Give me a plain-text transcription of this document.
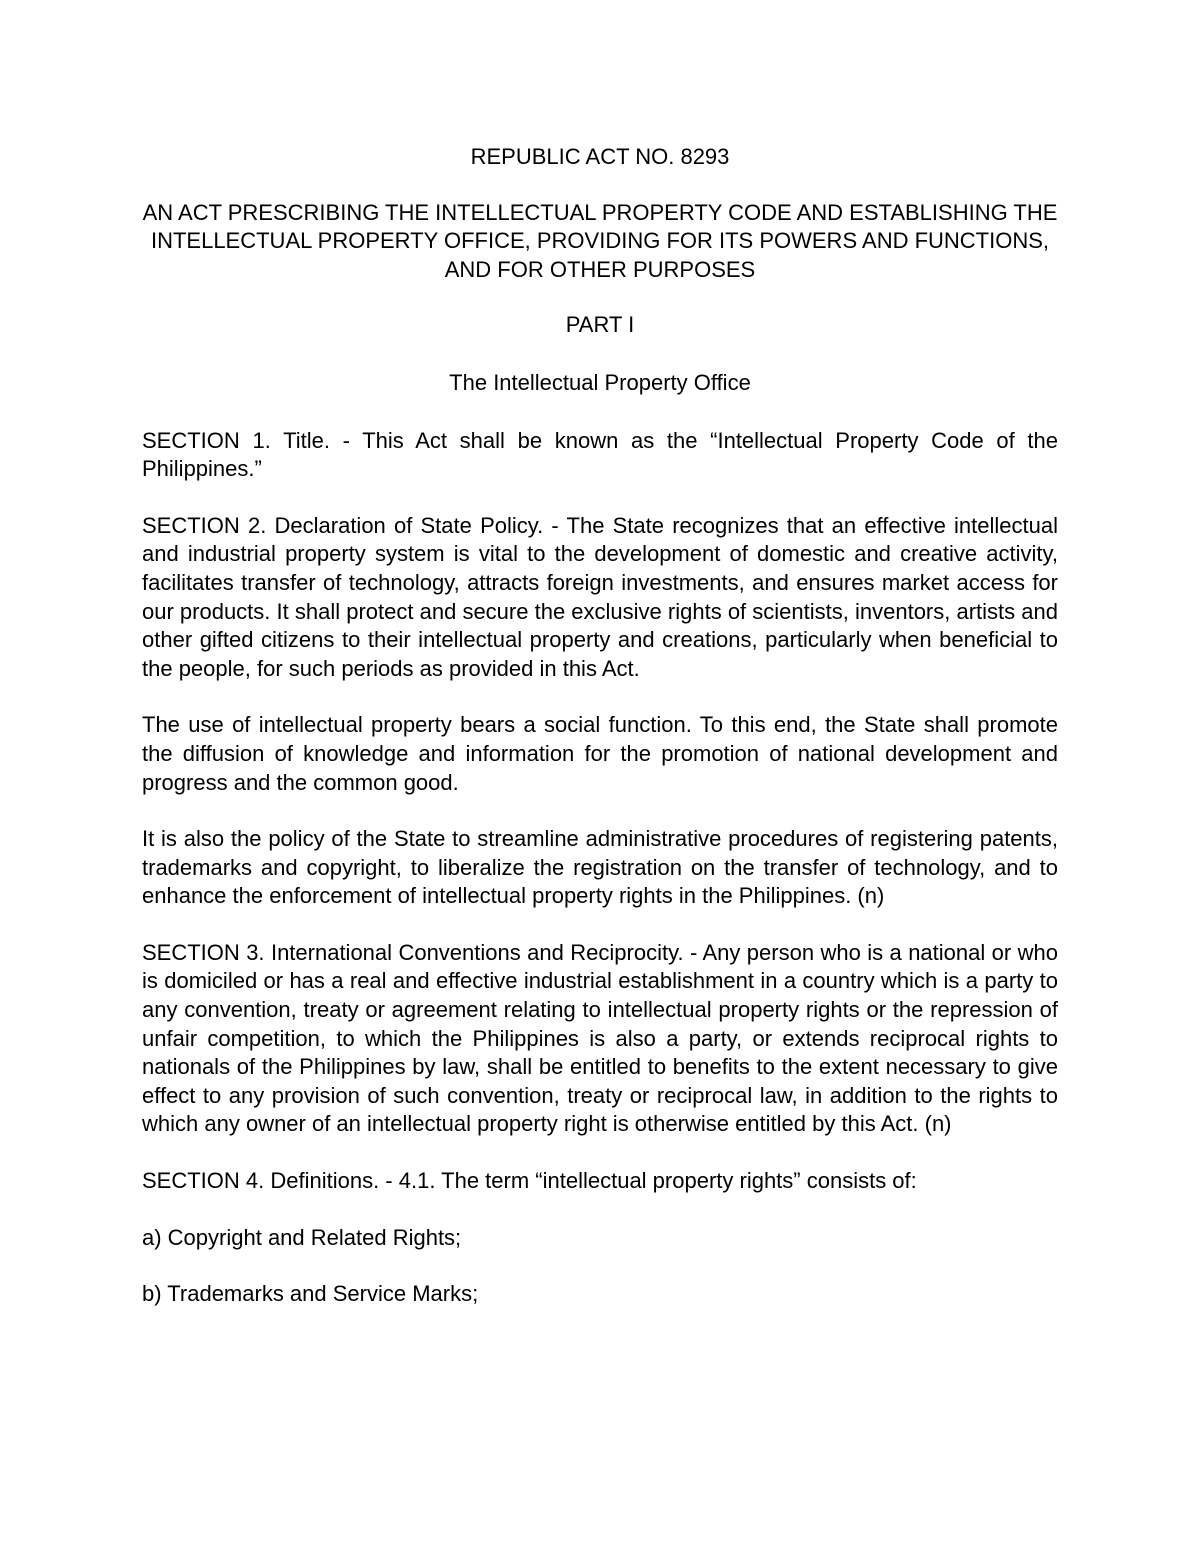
REPUBLIC ACT NO. 8293

AN ACT PRESCRIBING THE INTELLECTUAL PROPERTY CODE AND ESTABLISHING THE INTELLECTUAL PROPERTY OFFICE, PROVIDING FOR ITS POWERS AND FUNCTIONS, AND FOR OTHER PURPOSES

PART I

The Intellectual Property Office

SECTION 1. Title. - This Act shall be known as the “Intellectual Property Code of the Philippines.”

SECTION 2. Declaration of State Policy. - The State recognizes that an effective intellectual and industrial property system is vital to the development of domestic and creative activity, facilitates transfer of technology, attracts foreign investments, and ensures market access for our products. It shall protect and secure the exclusive rights of scientists, inventors, artists and other gifted citizens to their intellectual property and creations, particularly when beneficial to the people, for such periods as provided in this Act.

The use of intellectual property bears a social function. To this end, the State shall promote the diffusion of knowledge and information for the promotion of national development and progress and the common good.

It is also the policy of the State to streamline administrative procedures of registering patents, trademarks and copyright, to liberalize the registration on the transfer of technology, and to enhance the enforcement of intellectual property rights in the Philippines. (n)

SECTION 3. International Conventions and Reciprocity. - Any person who is a national or who is domiciled or has a real and effective industrial establishment in a country which is a party to any convention, treaty or agreement relating to intellectual property rights or the repression of unfair competition, to which the Philippines is also a party, or extends reciprocal rights to nationals of the Philippines by law, shall be entitled to benefits to the extent necessary to give effect to any provision of such convention, treaty or reciprocal law, in addition to the rights to which any owner of an intellectual property right is otherwise entitled by this Act. (n)

SECTION 4. Definitions. - 4.1. The term “intellectual property rights” consists of:

a) Copyright and Related Rights;

b) Trademarks and Service Marks;
